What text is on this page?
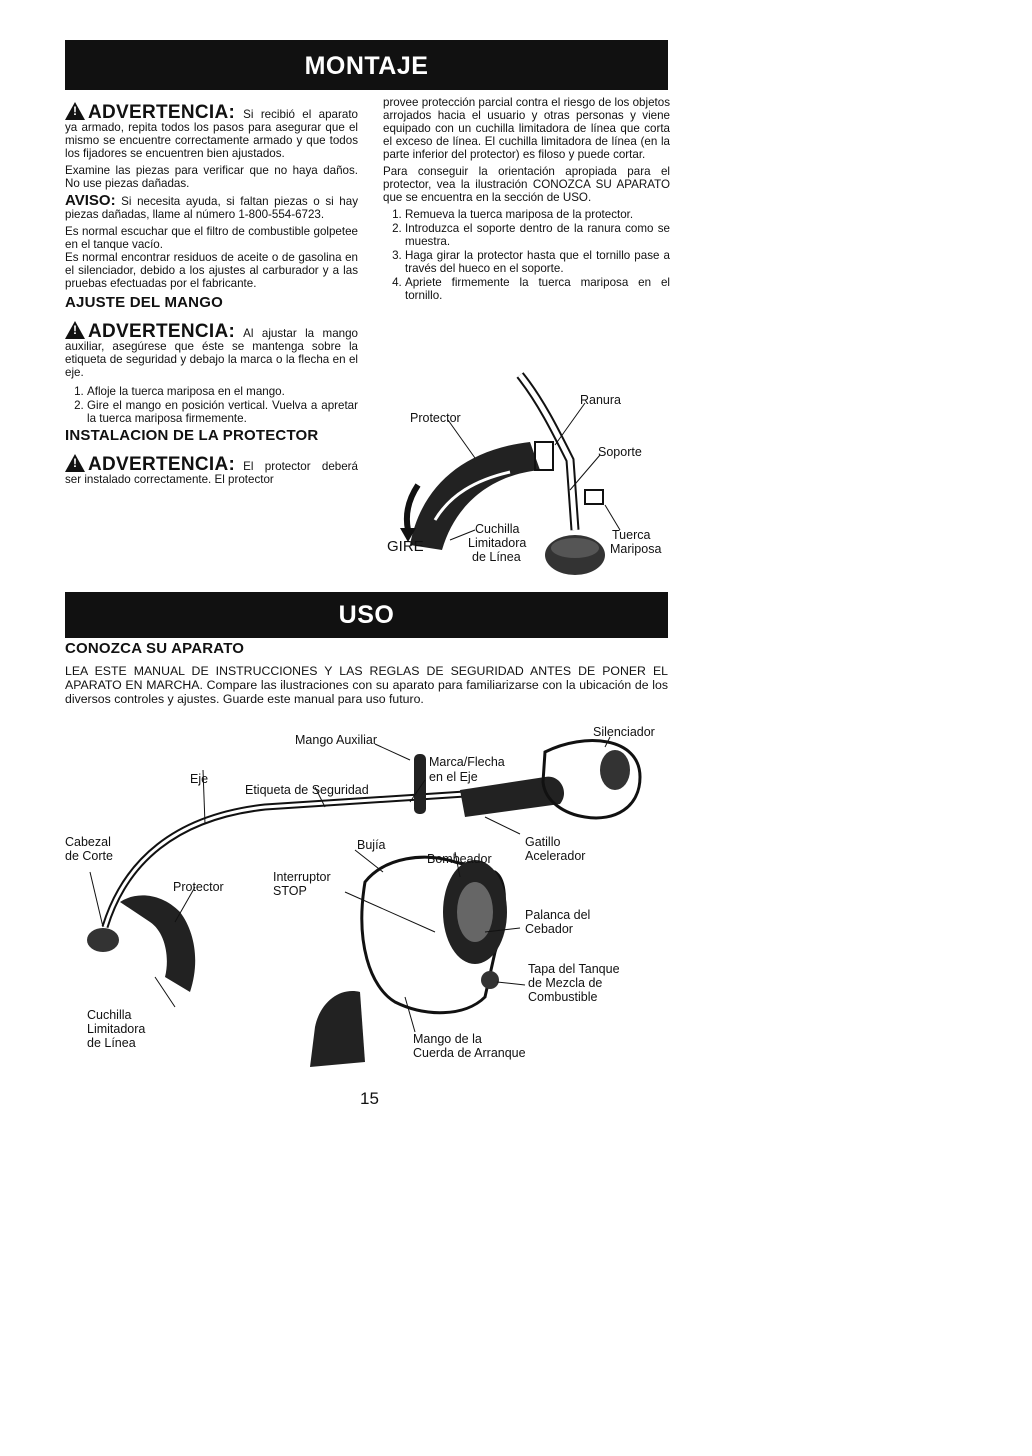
MONTAJE

! ADVERTENCIA: Si recibió el aparato ya armado, repita todos los pasos para asegurar que el mismo se encuentre correctamente armado y que todos los fijadores se encuentren bien ajustados.

Examine las piezas para verificar que no haya daños. No use piezas dañadas.

AVISO: Si necesita ayuda, si faltan piezas o si hay piezas dañadas, llame al número 1-800-554-6723.

Es normal escuchar que el filtro de combustible golpetee en el tanque vacío.

Es normal encontrar residuos de aceite o de gasolina en el silenciador, debido a los ajustes al carburador y a las pruebas efectuadas por el fabricante.

AJUSTE DEL MANGO

! ADVERTENCIA: Al ajustar la mango auxiliar, asegúrese que éste se mantenga sobre la etiqueta de seguridad y debajo la marca o la flecha en el eje.

1. Afloje la tuerca mariposa en el mango.
2. Gire el mango en posición vertical. Vuelva a apretar la tuerca mariposa firmemente.
INSTALACION DE LA PROTECTOR

! ADVERTENCIA: El protector deberá ser instalado correctamente. El protector

provee protección parcial contra el riesgo de los objetos arrojados hacia el usuario y otras personas y viene equipado con un cuchilla limitadora de línea que corta el exceso de línea. El cuchilla limitadora de línea (en la parte inferior del protector) es filoso y puede cortar.

Para conseguir la orientación apropiada para el protector, vea la ilustración CONOZCA SU APARATO que se encuentra en la sección de USO.

1. Remueva la tuerca mariposa de la protector.
2. Introduzca el soporte dentro de la ranura como se muestra.
3. Haga girar la protector hasta que el tornillo pase a través del hueco en el soporte.
4. Apriete firmemente la tuerca mariposa en el tornillo.
Ranura
Protector
Soporte
Cuchilla
Limitadora
GIRE
de Línea
Tuerca
Mariposa
USO
CONOZCA SU APARATO
LEA ESTE MANUAL DE INSTRUCCIONES Y LAS REGLAS DE SEGURIDAD ANTES DE PONER EL APARATO EN MARCHA. Compare las ilustraciones con su aparato para familiarizarse con la ubicación de los diversos controles y ajustes. Guarde este manual para uso futuro.
Mango Auxiliar
Silenciador
Eje
Marca/Flecha
en el Eje
Etiqueta de Seguridad
Cabezal
de Corte
Bujía	Gatillo
Acelerador
Bombeador
Interruptor
STOP
Protector
Palanca del
Cebador
Tapa del Tanque
de Mezcla de
Combustible
Cuchilla
Limitadora
de Línea	Mango de la
Cuerda de Arranque
15
